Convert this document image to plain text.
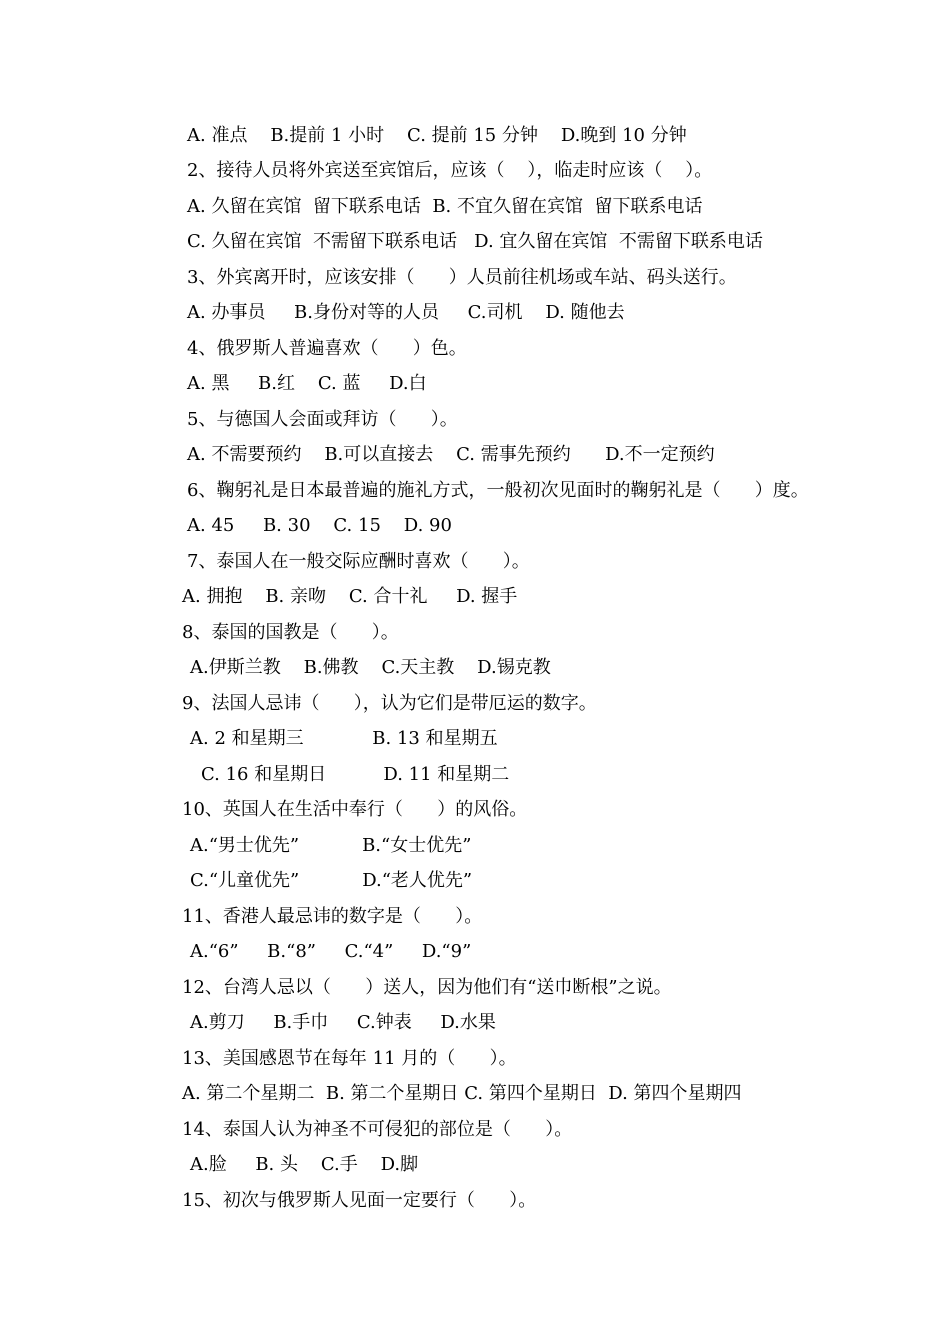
A. 准点    B.提前 1 小时    C. 提前 15 分钟    D.晚到 10 分钟
2、接待人员将外宾送至宾馆后，应该（    ），临走时应该（    ）。
A. 久留在宾馆  留下联系电话  B. 不宜久留在宾馆  留下联系电话
C. 久留在宾馆  不需留下联系电话   D. 宜久留在宾馆  不需留下联系电话
3、外宾离开时，应该安排（      ）人员前往机场或车站、码头送行。
A. 办事员     B.身份对等的人员     C.司机    D. 随他去
4、俄罗斯人普遍喜欢（      ）色。
A. 黑     B.红    C. 蓝     D.白
5、与德国人会面或拜访（      ）。
A. 不需要预约    B.可以直接去    C. 需事先预约      D.不一定预约
6、鞠躬礼是日本最普遍的施礼方式，一般初次见面时的鞠躬礼是（      ）度。
A. 45     B. 30    C. 15    D. 90
7、泰国人在一般交际应酬时喜欢（      ）。
A. 拥抱    B. 亲吻    C. 合十礼     D. 握手
8、泰国的国教是（      ）。
A.伊斯兰教    B.佛教    C.天主教    D.锡克教
9、法国人忌讳（      ），认为它们是带厄运的数字。
A. 2 和星期三            B. 13 和星期五
C. 16 和星期日          D. 11 和星期二
10、英国人在生活中奉行（      ）的风俗。
A.“男士优先”           B.“女士优先”
C.“儿童优先”           D.“老人优先”
11、香港人最忌讳的数字是（      ）。
A.“6”     B.“8”     C.“4”     D.“9”
12、台湾人忌以（      ）送人，因为他们有“送巾断根”之说。
A.剪刀     B.手巾     C.钟表     D.水果
13、美国感恩节在每年 11 月的（      ）。
A. 第二个星期二  B. 第二个星期日 C. 第四个星期日  D. 第四个星期四
14、泰国人认为神圣不可侵犯的部位是（      ）。
A.脸     B. 头    C.手    D.脚
15、初次与俄罗斯人见面一定要行（      ）。
